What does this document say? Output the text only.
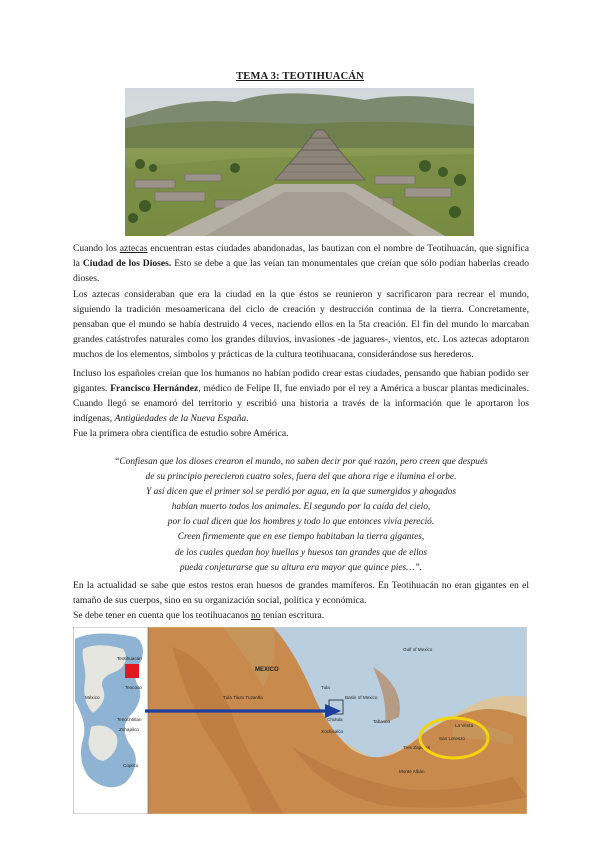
TEMA 3: TEOTIHUACÁN

Cuando los aztecas encuentran estas ciudades abandonadas, las bautizan con el nombre de Teotihuacán, que significa la Ciudad de los Dioses. Esto se debe a que las veían tan monumentales que creían que sólo podían haberlas creado dioses.

Los aztecas consideraban que era la ciudad en la que éstos se reunieron y sacrificaron para recrear el mundo, siguiendo la tradición mesoamericana del ciclo de creación y destrucción continua de la tierra. Concretamente, pensaban que el mundo se había destruido 4 veces, naciendo ellos en la 5ta creación. El fin del mundo lo marcaban grandes catástrofes naturales como los grandes diluvios, invasiones -de jaguares-, vientos, etc. Los aztecas adoptaron muchos de los elementos, símbolos y prácticas de la cultura teotihuacana, considerándose sus herederos.

Incluso los españoles creían que los humanos no habían podido crear estas ciudades, pensando que habían podido ser gigantes. Francisco Hernández, médico de Felipe II, fue enviado por el rey a América a buscar plantas medicinales. Cuando llegó se enamoró del territorio y escribió una historia a través de la información que le aportaron los indígenas, Antigüedades de la Nueva España.

Fue la primera obra científica de estudio sobre América.

“Confiesan que los dioses crearon el mundo, no saben decir por qué razón, pero creen que después
de su principio perecieron cuatro soles, fuera del que ahora rige e ilumina el orbe.
Y así dicen que el primer sol se perdió por agua, en la que sumergidos y ahogados
habían muerto todos los animales. El segundo por la caída del cielo,
por lo cual dicen que los hombres y todo lo que entonces vivía pereció.
Creen firmemente que en ese tiempo habitaban la tierra gigantes,
de los cuales quedan hoy huellas y huesos tan grandes que de ellos
pueda conjeturarse que su altura era mayor que quince pies…”.

En la actualidad se sabe que estos restos eran huesos de grandes mamíferos. En Teotihuacán no eran gigantes en el tamaño de sus cuerpos, sino en su organización social, política y económica.

Se debe tener en cuenta que los teotihuacanos no tenían escritura.

Teotihuacán
Texcoco
México
Tenochtitlan
Zohapilco
Copilco
MEXICO
Tula
Tula Tlazo Tuzantla
Cholula
Basin of Mexico
Xochicalco
Tabasco
La Venta
San Lorenzo
Tres Zapotes
Monte Albán
Gulf of Mexico
